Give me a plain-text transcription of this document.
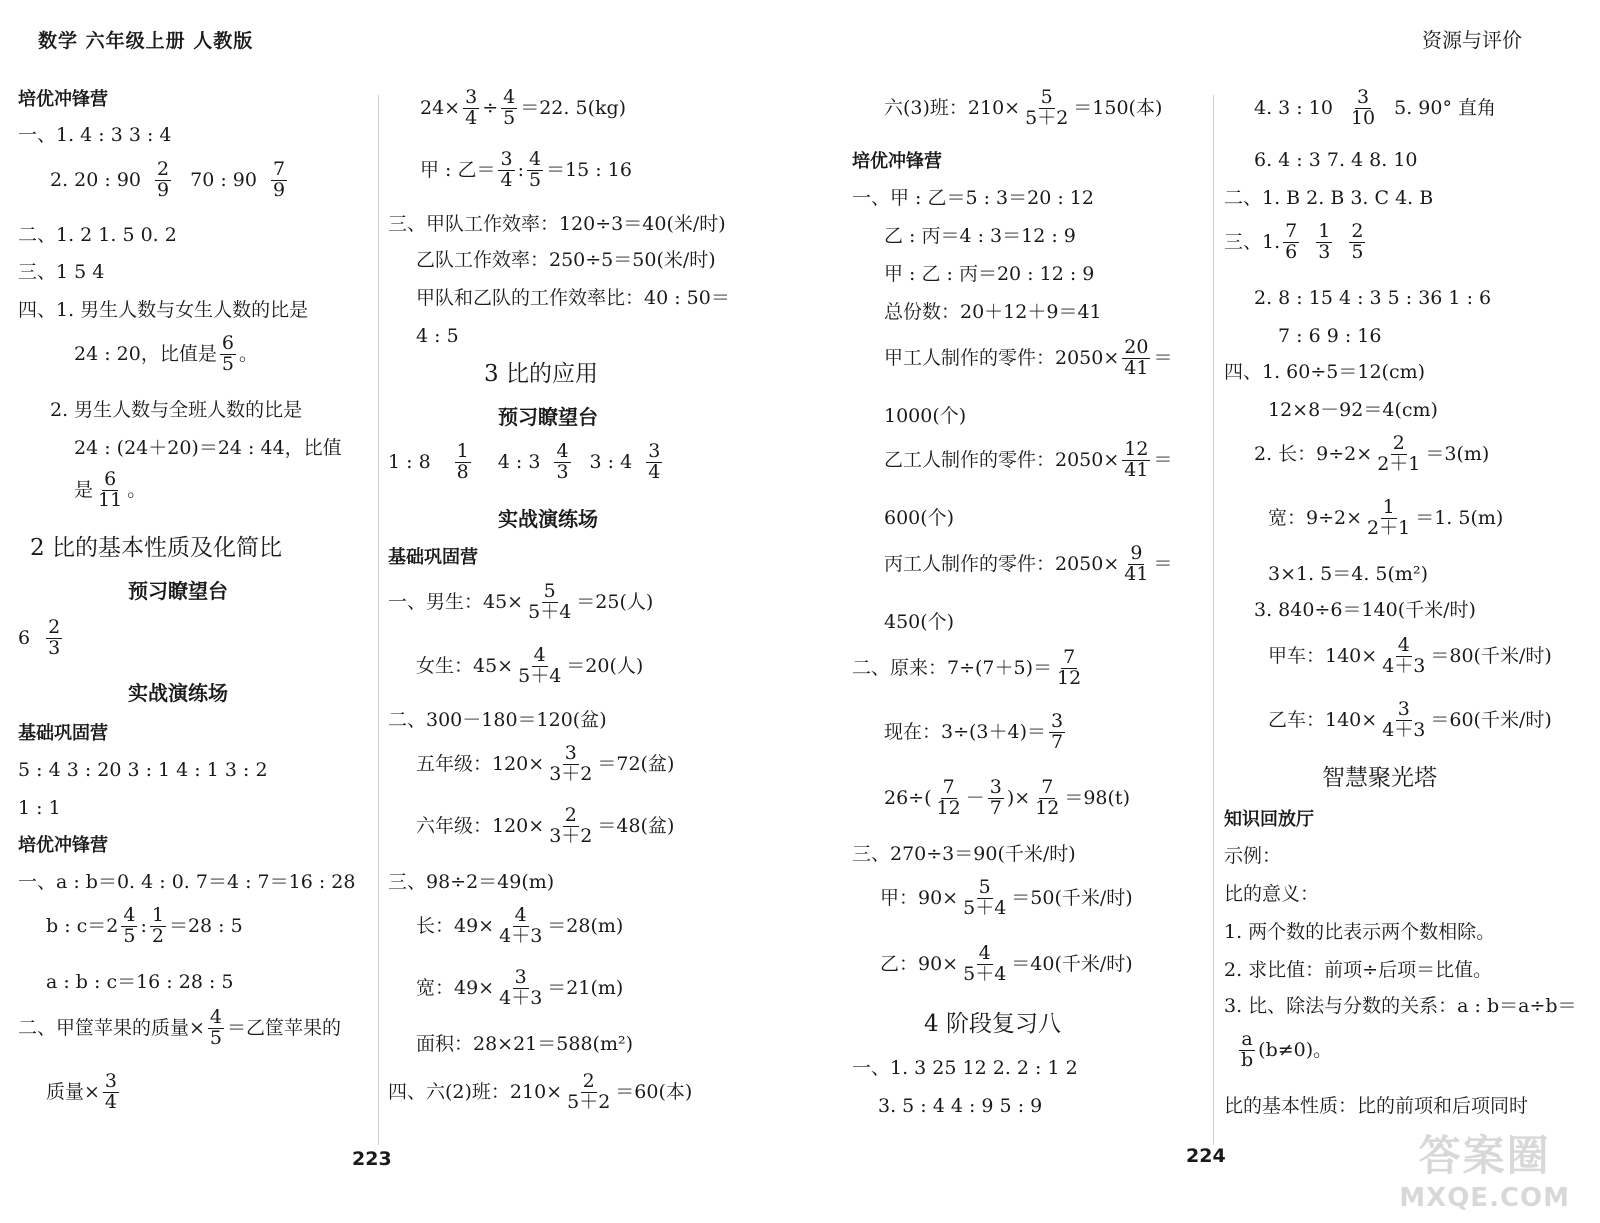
数学 六年级上册 人教版	资源与评价
培优冲锋营
一、1. 4 : 3 3 : 4
2. 20 : $90 \frac{2}{9} 70$ : $90 \frac{7}{9}$
二、1. 2 1. 5 0. 2
三、1 5 4
四、1. 男生人数与女生人数的比是
24 : 20，比值是 $\frac{6}{5}$ 。
2. 男生人数与全班人数的比是
24 : (24＋20)＝24 : 44，比值
是 $\frac{6}{11}$ 。
2 比的基本性质及化简比
预习瞭望台
$6 \frac{2}{3}$
实战演练场
基础巩固营
5 : 4 3 : 20 3 : 1 4 : 1 3 : 2
1 : 1
培优冲锋营
一、a : b＝0. 4 : 0. 7＝4 : 7＝16 : 28
b : $c=2 \frac{4}{5}$ : $\frac{1}{2} =28$ : 5
a : b : c＝16 : 28 : 5
二、甲筐苹果的质量× $\frac{4}{5}$ ＝乙筐苹果的
质量× $\frac{3}{4}$
$24\times \frac{3}{4} \div \frac{4}{5} =22$. 5(kg)
甲 : 乙＝ $\frac{3}{4}$ : $\frac{4}{5} =15$ : 16
三、甲队工作效率：120÷3＝40(米/时)
乙队工作效率：250÷5＝50(米/时)
甲队和乙队的工作效率比：40 : 50＝
4 : 5
3 比的应用
预习瞭望台
1 : $8 \frac{1}{8} 4$ : $3 \frac{4}{3} 3$ : $4 \frac{3}{4}$
实战演练场
基础巩固营
一、男生：$45\times \frac{5}{5+4} =25$(人)
女生：$45\times \frac{4}{5+4} =20$(人)
二、300－180＝120(盆)
五年级：$120\times \frac{3}{3+2} =72$(盆)
六年级：$120\times \frac{2}{3+2} =48$(盆)
三、98÷2＝49(m)
长：$49\times \frac{4}{4+3} =28(m)$
宽：$49\times \frac{3}{4+3} =21(m)$
面积：28×21＝588(m²)
四、六(2)班：$210\times \frac{2}{5+2} =60$(本)
六(3)班：$210\times \frac{5}{5+2} =150$(本)
培优冲锋营
一、甲 : 乙＝5 : 3＝20 : 12
乙 : 丙＝4 : 3＝12 : 9
甲 : 乙 : 丙＝20 : 12 : 9
总份数：20＋12＋9＝41
甲工人制作的零件：$2050\times \frac{20}{41}$ ＝
1000(个)
乙工人制作的零件：$2050\times \frac{12}{41}$ ＝
600(个)
丙工人制作的零件：$2050\times \frac{9}{41}$ ＝
450(个)
二、原来：$7\div(7+5)= \frac{7}{12}$
现在：$3\div(3+4)= \frac{3}{7}$
$26\div( \frac{7}{12} - \frac{3}{7}$ )× $\frac{7}{12} =98(t)$
三、270÷3＝90(千米/时)
甲：$90\times \frac{5}{5+4} =50$(千米/时)
乙：$90\times \frac{4}{5+4} =40$(千米/时)
4 阶段复习八
一、1. 3 25 12 2. 2 : 1 2
3. 5 : 4 4 : 9 5 : 9
4. 3 : $10 \frac{3}{10} 5$. 90° 直角
6. 4 : 3 7. 4 8. 10
二、1. B 2. B 3. C 4. B
三、1. $\frac{7}{6} \frac{1}{3} \frac{2}{5}$
2. 8 : 15 4 : 3 5 : 36 1 : 6
7 : 6 9 : 16
四、1. 60÷5＝12(cm)
12×8－92＝4(cm)
2. 长：$9\div 2\times \frac{2}{2+1} =3(m)$
宽：$9\div 2\times \frac{1}{2+1} =1$. 5(m)
3×1. 5＝4. 5(m²)
3. 840÷6＝140(千米/时)
甲车：$140\times \frac{4}{4+3} =80$(千米/时)
乙车：$140\times \frac{3}{4+3} =60$(千米/时)
智慧聚光塔
知识回放厅
示例：
比的意义：
1. 两个数的比表示两个数相除。
2. 求比值：前项÷后项＝比值。
3. 比、除法与分数的关系：a : b＝a÷b＝
$\frac{a}{b} (b\ne 0)$。
比的基本性质：比的前项和后项同时
223	224	答案圈
MXQE.COM
